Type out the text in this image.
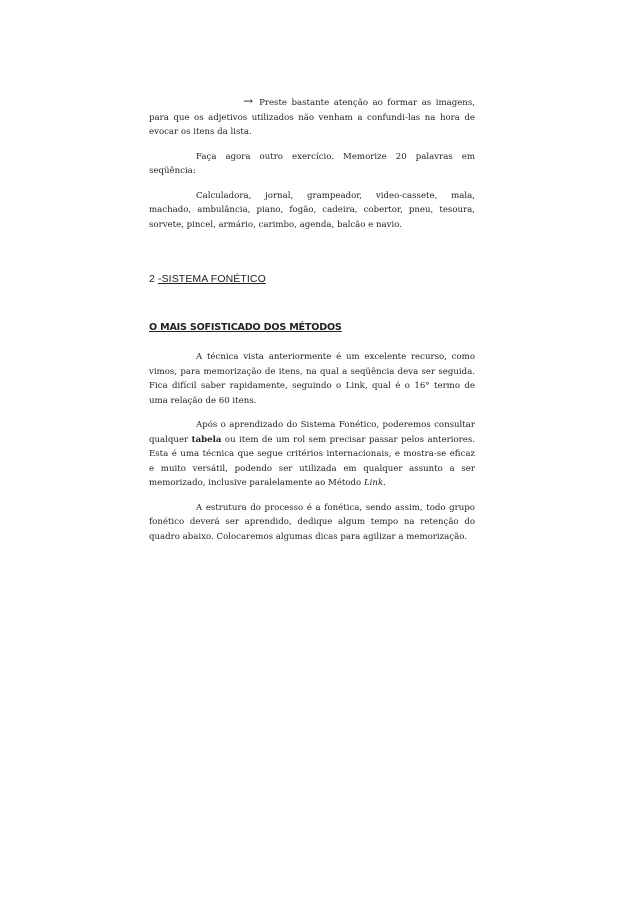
→ Preste bastante atenção ao formar as imagens, para que os adjetivos utilizados não venham a confundi-las na hora de evocar os itens da lista.

Faça agora outro exercício. Memorize 20 palavras em seqüência:

Calculadora, jornal, grampeador, video-cassete, mala, machado, ambulância, piano, fogão, cadeira, cobertor, pneu, tesoura, sorvete, pincel, armário, carimbo, agenda, balcão e navio.

2 -SISTEMA FONÉTICO

O MAIS SOFISTICADO DOS MÉTODOS

A técnica vista anteriormente é um excelente recurso, como vimos, para memorização de itens, na qual a seqüência deva ser seguida. Fica difícil saber rapidamente, seguindo o Link, qual é o 16° termo de uma relação de 60 itens.

Após o aprendizado do Sistema Fonético, poderemos consultar qualquer tabela ou item de um rol sem precisar passar pelos anteriores. Esta é uma técnica que segue critérios internacionais, e mostra-se eficaz e muito versátil, podendo ser utilizada em qualquer assunto a ser memorizado, inclusive paralelamente ao Método Link.

A estrutura do processo é a fonética, sendo assim, todo grupo fonético deverá ser aprendido, dedique algum tempo na retenção do quadro abaixo. Colocaremos algumas dicas para agilizar a memorização.
